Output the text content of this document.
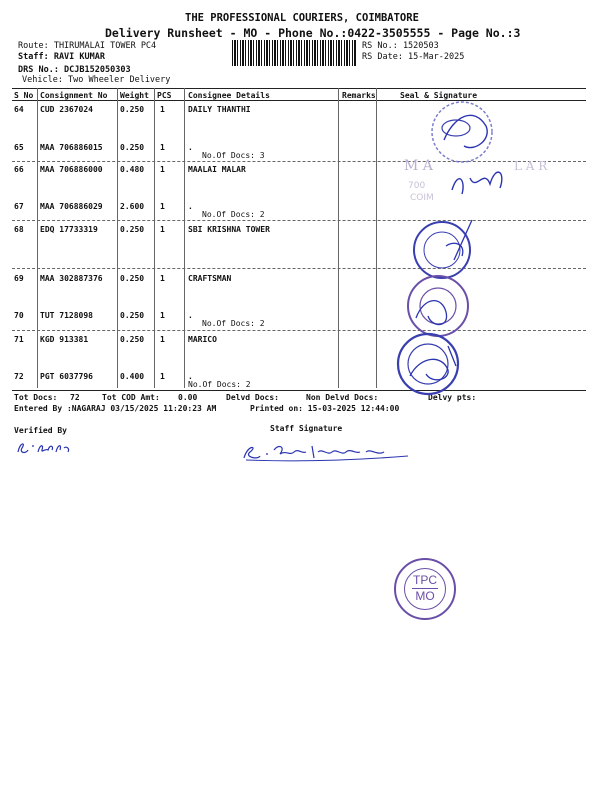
THE PROFESSIONAL COURIERS, COIMBATORE
Delivery Runsheet - MO - Phone No.:0422-3505555 - Page No.:3
Route: THIRUMALAI TOWER PC4
Staff: RAVI KUMAR
DRS No.: DCJB152050303
Vehicle: Two Wheeler Delivery
RS No.: 1520503
RS Date: 15-Mar-2025
S No Consignment No Weight PCS Consignee Details	Remarks	Seal & Signature
64 CUD 2367024	0.250 1	DAILY THANTHI
65 MAA 706886015 0.250 1	.
No.Of Docs: 3
66 MAA 706886000 0.480 1	MAALAI MALAR
67 MAA 706886029 2.600 1	.
No.Of Docs: 2
68 EDQ 17733319	0.250 1	SBI KRISHNA TOWER
69 MAA 302887376 0.250 1	CRAFTSMAN
70 TUT 7128098	0.250 1	.
No.Of Docs: 2
71 KGD 913381	0.250 1	MARICO
72 PGT 6037796	0.400 1	.
No.Of Docs: 2
Tot Docs: 72	Tot COD Amt: 0.00	Delvd Docs:	Non Delvd Docs:	Delvy pts:
Entered By :NAGARAJ 03/15/2025 11:20:23 AM	Printed on: 15-03-2025 12:44:00
Verified By	Staff Signature
M A	L A R
700
COIM
TPC
MO
